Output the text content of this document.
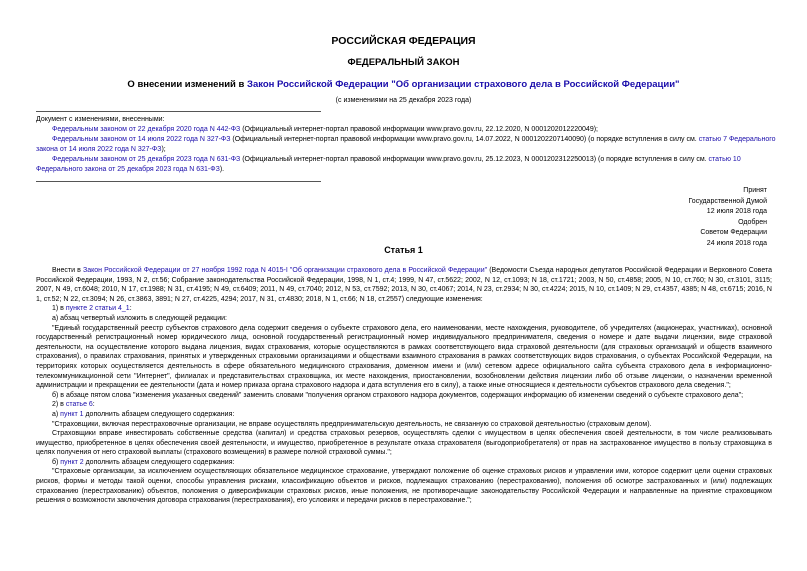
РОССИЙСКАЯ ФЕДЕРАЦИЯ
ФЕДЕРАЛЬНЫЙ ЗАКОН
О внесении изменений в Закон Российской Федерации "Об организации страхового дела в Российской Федерации"
(с изменениями на 25 декабря 2023 года)

Документ с изменениями, внесенными:

Федеральным законом от 22 декабря 2020 года N 442-ФЗ (Официальный интернет-портал правовой информации www.pravo.gov.ru, 22.12.2020, N 0001202012220049);

Федеральным законом от 14 июля 2022 года N 327-ФЗ (Официальный интернет-портал правовой информации www.pravo.gov.ru, 14.07.2022, N 0001202207140090) (о порядке вступления в силу см. статью 7 Федерального закона от 14 июля 2022 года N 327-ФЗ);

Федеральным законом от 25 декабря 2023 года N 631-ФЗ (Официальный интернет-портал правовой информации www.pravo.gov.ru, 25.12.2023, N 0001202312250013) (о порядке вступления в силу см. статью 10 Федерального закона от 25 декабря 2023 года N 631-ФЗ).

Принят
Государственной Думой
12 июля 2018 года
Одобрен
Советом Федерации
24 июля 2018 года
Статья 1

Внести в Закон Российской Федерации от 27 ноября 1992 года N 4015-I "Об организации страхового дела в Российской Федерации" (Ведомости Съезда народных депутатов Российской Федерации и Верховного Совета Российской Федерации, 1993, N 2, ст.56; Собрание законодательства Российской Федерации, 1998, N 1, ст.4; 1999, N 47, ст.5622; 2002, N 12, ст.1093; N 18, ст.1721; 2003, N 50, ст.4858; 2005, N 10, ст.760; N 30, ст.3101, 3115; 2007, N 49, ст.6048; 2010, N 17, ст.1988; N 31, ст.4195; N 49, ст.6409; 2011, N 49, ст.7040; 2012, N 53, ст.7592; 2013, N 30, ст.4067; 2014, N 23, ст.2934; N 30, ст.4224; 2015, N 10, ст.1409; N 29, ст.4357, 4385; N 48, ст.6715; 2016, N 1, ст.52; N 22, ст.3094; N 26, ст.3863, 3891; N 27, ст.4225, 4294; 2017, N 31, ст.4830; 2018, N 1, ст.66; N 18, ст.2557) следующие изменения:

1) в пункте 2 статьи 4_1:

а) абзац четвертый изложить в следующей редакции:

"Единый государственный реестр субъектов страхового дела содержит сведения о субъекте страхового дела, его наименовании, месте нахождения, руководителе, об учредителях (акционерах, участниках), основной государственный регистрационный номер юридического лица, основной государственный регистрационный номер индивидуального предпринимателя, сведения о номере и дате выдачи лицензии, виде страховой деятельности, на осуществление которого выдана лицензия, видах страхования, которые осуществляются в рамках соответствующего вида страховой деятельности (для страховых организаций и обществ взаимного страхования), о правилах страхования, принятых и утвержденных страховыми организациями и обществами взаимного страхования в рамках соответствующих видов страхования, о субъектах Российской Федерации, на территориях которых осуществляется деятельность в сфере обязательного медицинского страхования, доменном имени и (или) сетевом адресе официального сайта субъекта страхового дела в информационно-телекоммуникационной сети "Интернет", филиалах и представительствах страховщика, их месте нахождения, приостановлении, возобновлении действия лицензии либо об отзыве лицензии, о назначении временной администрации и прекращении ее деятельности (дата и номер приказа органа страхового надзора и дата вступления его в силу), а также иные относящиеся к деятельности субъектов страхового дела сведения.";

б) в абзаце пятом слова "изменения указанных сведений" заменить словами "получения органом страхового надзора документов, содержащих информацию об изменении сведений о субъекте страхового дела";

2) в статье 6:

а) пункт 1 дополнить абзацем следующего содержания:

"Страховщики, включая перестраховочные организации, не вправе осуществлять предпринимательскую деятельность, не связанную со страховой деятельностью (страховым делом).

Страховщики вправе инвестировать собственные средства (капитал) и средства страховых резервов, осуществлять сделки с имуществом в целях обеспечения своей деятельности, в том числе реализовывать имущество, приобретенное в целях обеспечения своей деятельности, и имущество, приобретенное в результате отказа страхователя (выгодоприобретателя) от прав на застрахованное имущество в пользу страховщика в целях получения от него страховой выплаты (страхового возмещения) в размере полной страховой суммы.";

б) пункт 2 дополнить абзацем следующего содержания:

"Страховые организации, за исключением осуществляющих обязательное медицинское страхование, утверждают положение об оценке страховых рисков и управлении ими, которое содержит цели оценки страховых рисков, формы и методы такой оценки, способы управления рисками, классификацию объектов и рисков, подлежащих страхованию (перестрахованию), положения об осмотре застрахованных и (или) подлежащих страхованию (перестрахованию) объектов, положения о диверсификации страховых рисков, иные положения, не противоречащие законодательству Российской Федерации и направленные на принятие страховщиком решения о возможности заключения договора страхования (перестрахования), его условиях и передачи рисков в перестрахование.";
